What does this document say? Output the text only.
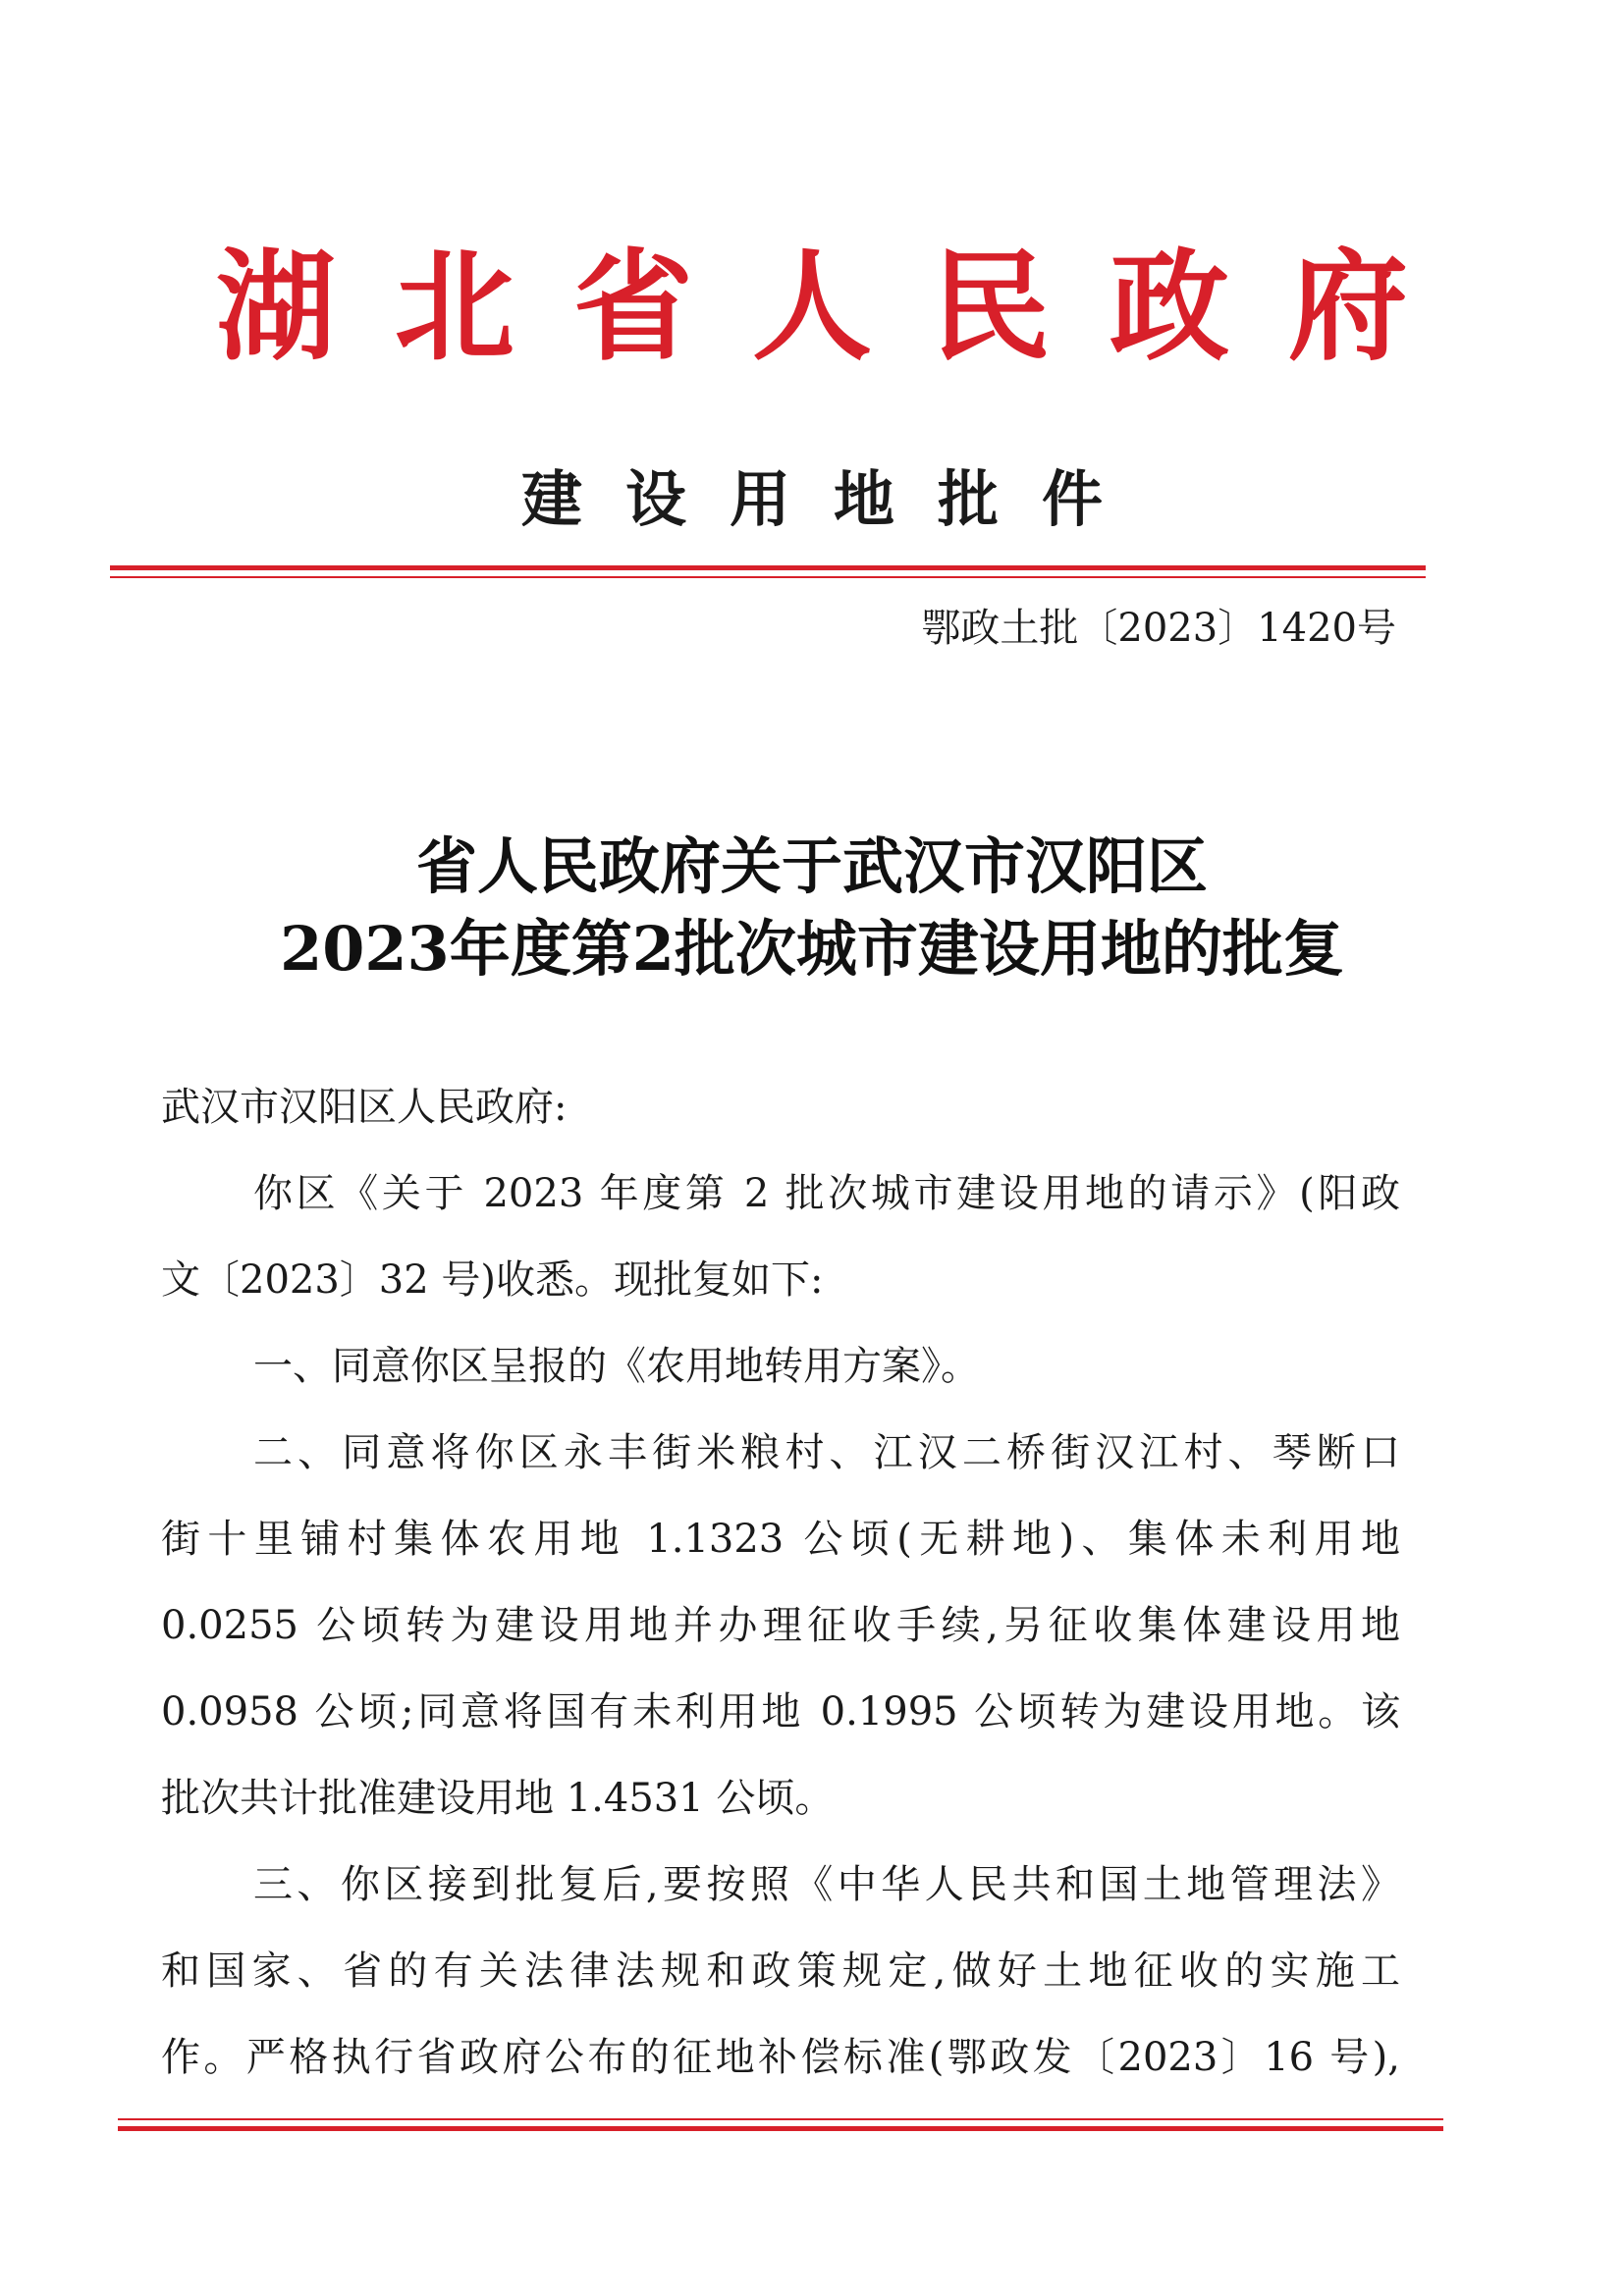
湖北省人民政府
建设用地批件
鄂政土批〔2023〕1420号
省人民政府关于武汉市汉阳区
2023年度第2批次城市建设用地的批复
武汉市汉阳区人民政府:
你区《关于 2023 年度第 2 批次城市建设用地的请示》(阳政
文〔2023〕32 号)收悉。现批复如下:
一、同意你区呈报的《农用地转用方案》。
二、同意将你区永丰街米粮村、江汉二桥街汉江村、琴断口
街十里铺村集体农用地 1.1323 公顷(无耕地)、集体未利用地
0.0255 公顷转为建设用地并办理征收手续,另征收集体建设用地
0.0958 公顷;同意将国有未利用地 0.1995 公顷转为建设用地。该
批次共计批准建设用地 1.4531 公顷。
三、你区接到批复后,要按照《中华人民共和国土地管理法》
和国家、省的有关法律法规和政策规定,做好土地征收的实施工
作。严格执行省政府公布的征地补偿标准(鄂政发〔2023〕16 号),
